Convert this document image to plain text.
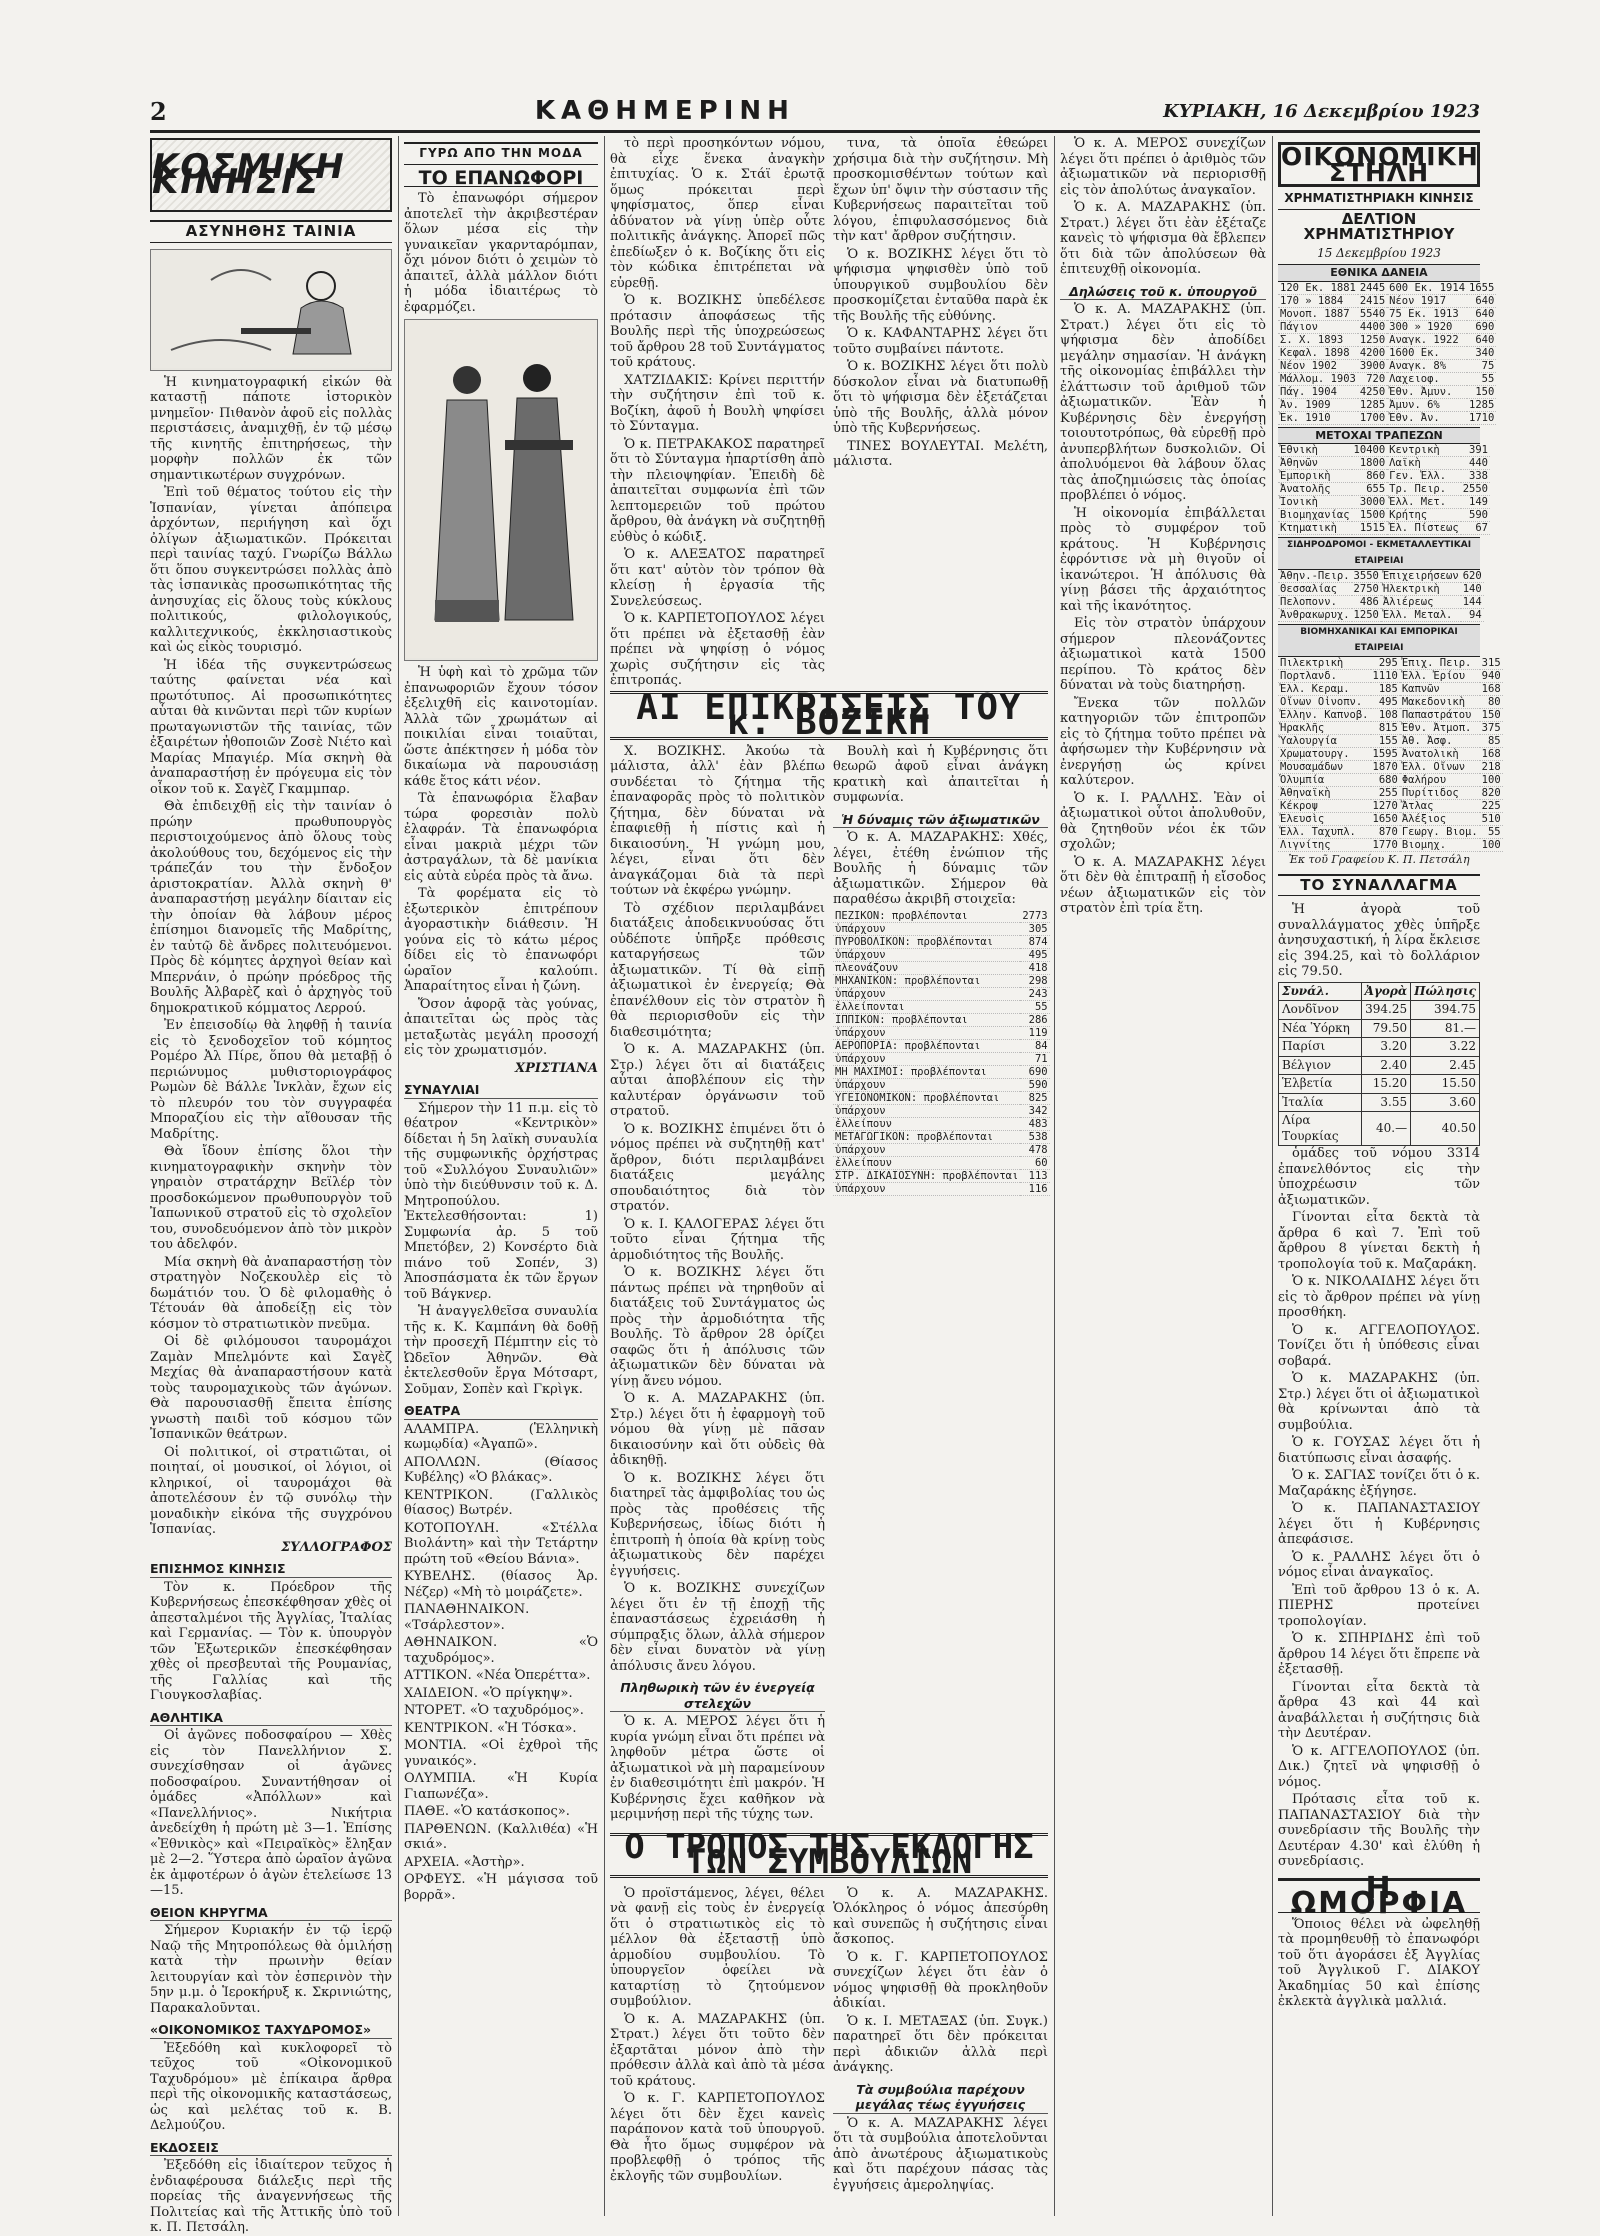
2	ΚΑΘΗΜΕΡΙΝΗ	ΚΥΡΙΑΚΗ, 16 Δεκεμβρίου 1923
ΚΟΣΜΙΚΗ ΚΙΝΗΣΙΣ
ΑΣΥΝΗΘΗΣ ΤΑΙΝΙΑ

Ἡ κινηματογραφική εἰκών θὰ καταστῇ πάποτε ἱστορικὸν μνημεῖον· Πιθανὸν ἀφοῦ εἰς πολλὰς περιστάσεις, ἀναμιχθῇ, ἐν τῷ μέσῳ τῆς κινητῆς ἐπιτηρήσεως, τὴν μορφὴν πολλῶν ἐκ τῶν σημαντικωτέρων συγχρόνων.

Ἐπὶ τοῦ θέματος τούτου εἰς τὴν Ἱσπανίαν, γίνεται ἀπόπειρα ἀρχόντων, περιήγηση καὶ ὅχι ὀλίγων ἀξιωματικῶν. Πρόκειται περὶ ταινίας ταχύ. Γνωρίζω Βάλλω ὅτι ὅπου συγκεντρώσει πολλὰς ἀπὸ τὰς ἱσπανικὰς προσωπικότητας τῆς ἀνησυχίας εἰς ὅλους τοὺς κύκλους πολιτικούς, φιλολογικούς, καλλιτεχνικούς, ἐκκλησιαστικοὺς καὶ ὡς εἰκὸς τουρισμό.

Ἡ ἰδέα τῆς συγκεντρώσεως ταύτης φαίνεται νέα καὶ πρωτότυπος. Αἱ προσωπικότητες αὗται θὰ κινῶνται περὶ τῶν κυρίων πρωταγωνιστῶν τῆς ταινίας, τῶν ἐξαιρέτων ἠθοποιῶν Ζοσὲ Νιέτο καὶ Μαρίας Μπαγιέρ. Μία σκηνὴ θὰ ἀναπαραστήσῃ ἐν πρόγευμα εἰς τὸν οἶκον τοῦ κ. Σαγὲζ Γκαμμπαρ.

Θὰ ἐπιδειχθῇ εἰς τὴν ταινίαν ὁ πρώην πρωθυπουργὸς περιστοιχούμενος ἀπὸ ὅλους τοὺς ἀκολούθους του, δεχόμενος εἰς τὴν τράπεζάν του τὴν ἔνδοξον ἀριστοκρατίαν. Ἀλλὰ σκηνὴ θ' ἀναπαραστήσῃ μεγάλην δίαιταν εἰς τὴν ὁποίαν θὰ λάβουν μέρος ἐπίσημοι διανομεῖς τῆς Μαδρίτης, ἐν ταὐτῷ δὲ ἄνδρες πολιτευόμενοι. Πρὸς δὲ κόμητες ἀρχηγοὶ θείαν καὶ Μπερνάιν, ὁ πρώην πρόεδρος τῆς Βουλῆς Ἀλβαρὲζ καὶ ὁ ἀρχηγὸς τοῦ δημοκρατικοῦ κόμματος Λερρού.

Ἐν ἐπεισοδίῳ θὰ ληφθῇ ἡ ταινία εἰς τὸ ξενοδοχεῖον τοῦ κόμητος Ρομέρο Ἀλ Πίρε, ὅπου θὰ μεταβῇ ὁ περιώνυμος μυθιστοριογράφος Ρωμὼν δὲ Βάλλε Ἰνκλὰν, ἔχων εἰς τὸ πλευρόν του τὸν συγγραφέα Μποραζίου εἰς τὴν αἴθουσαν τῆς Μαδρίτης.

Θὰ ἴδουν ἐπίσης ὅλοι τὴν κινηματογραφικὴν σκηνὴν τὸν γηραιὸν στρατάρχην Βεϊλέρ τὸν προσδοκώμενον πρωθυπουργὸν τοῦ Ἰαπωνικοῦ στρατοῦ εἰς τὸ σχολεῖον του, συνοδευόμενον ἀπὸ τὸν μικρὸν του ἀδελφόν.

Μία σκηνὴ θὰ ἀναπαραστήσῃ τὸν στρατηγὸν Νοζεκουλὲρ εἰς τὸ δωμάτιόν του. Ὁ δὲ φιλομαθὴς ὁ Τέτουάν θὰ ἀποδείξῃ εἰς τὸν κόσμον τὸ στρατιωτικὸν πνεῦμα.

Οἱ δὲ φιλόμουσοι ταυρομάχοι Ζαμὰν Μπελμόντε καὶ Σαγὲζ Μεχίας θὰ ἀναπαραστήσουν κατὰ τοὺς ταυρομαχικοὺς τῶν ἀγώνων. Θὰ παρουσιασθῇ ἔπειτα ἐπίσης γνωστὴ παιδὶ τοῦ κόσμου τῶν Ἰσπανικῶν θεάτρων.

Οἱ πολιτικοί, οἱ στρατιῶται, οἱ ποιηταί, οἱ μουσικοί, οἱ λόγιοι, οἱ κληρικοί, οἱ ταυρομάχοι θὰ ἀποτελέσουν ἐν τῷ συνόλῳ τὴν μοναδικὴν εἰκόνα τῆς συγχρόνου Ἱσπανίας.

ΣΥΛΛΟΓΡΑΦΟΣ
ΕΠΙΣΗΜΟΣ ΚΙΝΗΣΙΣ

Τὸν κ. Πρόεδρον τῆς Κυβερνήσεως ἐπεσκέφθησαν χθὲς οἱ ἀπεσταλμένοι τῆς Ἀγγλίας, Ἰταλίας καὶ Γερμανίας. — Τὸν κ. ὑπουργὸν τῶν Ἐξωτερικῶν ἐπεσκέφθησαν χθὲς οἱ πρεσβευταὶ τῆς Ρουμανίας, τῆς Γαλλίας καὶ τῆς Γιουγκοσλαβίας.

ΑΘΛΗΤΙΚΑ

Οἱ ἀγῶνες ποδοσφαίρου — Χθὲς εἰς τὸν Πανελλήνιον Σ. συνεχίσθησαν οἱ ἀγῶνες ποδοσφαίρου. Συναντήθησαν οἱ ὁμάδες «Ἀπόλλων» καὶ «Πανελλήνιος». Νικήτρια ἀνεδείχθη ἡ πρώτη μὲ 3—1. Ἐπίσης «Ἐθνικὸς» καὶ «Πειραϊκὸς» ἔληξαν μὲ 2—2. Ὕστερα ἀπὸ ὡραῖον ἀγῶνα ἐκ ἀμφοτέρων ὁ ἀγὼν ἐτελείωσε 13—15.

ΘΕΙΟΝ ΚΗΡΥΓΜΑ

Σήμερον Κυριακήν ἐν τῷ ἱερῷ Ναῷ τῆς Μητροπόλεως θὰ ὁμιλήσῃ κατὰ τὴν πρωινὴν θείαν λειτουργίαν καὶ τὸν ἑσπερινὸν τὴν 5ην μ.μ. ὁ Ἱεροκήρυξ κ. Σκρινιώτης, Παρακαλοῦνται.

«ΟΙΚΟΝΟΜΙΚΟΣ ΤΑΧΥΔΡΟΜΟΣ»

Ἐξεδόθη καὶ κυκλοφορεῖ τὸ τεῦχος τοῦ «Οἰκονομικοῦ Ταχυδρόμου» μὲ ἐπίκαιρα ἄρθρα περὶ τῆς οἰκονομικῆς καταστάσεως, ὡς καὶ μελέτας τοῦ κ. Β. Δελμούζου.

ΕΚΔΟΣΕΙΣ

Ἐξεδόθη εἰς ἰδιαίτερον τεῦχος ἡ ἐνδιαφέρουσα διάλεξις περὶ τῆς πορείας τῆς ἀναγεννήσεως τῆς Πολιτείας καὶ τῆς Ἀττικῆς ὑπὸ τοῦ κ. Π. Πετσάλη.

ΓΥΡΩ ΑΠΟ ΤΗΝ ΜΟΔΑ
ΤΟ ΕΠΑΝΩΦΟΡΙ

Τὸ ἐπανωφόρι σήμερον ἀποτελεῖ τὴν ἀκριβεστέραν ὅλων μέσα εἰς τὴν γυναικεῖαν γκαρνταρόμπαν, ὄχι μόνον διότι ὁ χειμὼν τὸ ἀπαιτεῖ, ἀλλὰ μάλλον διότι ἡ μόδα ἰδιαιτέρως τὸ ἐφαρμόζει.

Ἡ ὑφὴ καὶ τὸ χρῶμα τῶν ἐπανωφοριῶν ἔχουν τόσον ἐξελιχθῆ εἰς καινοτομίαν. Ἀλλὰ τῶν χρωμάτων αἱ ποικιλίαι εἶναι τοιαῦται, ὥστε ἀπέκτησεν ἡ μόδα τὸν δικαίωμα νὰ παρουσιάσῃ κάθε ἔτος κάτι νέον.

Τὰ ἐπανωφόρια ἔλαβαν τώρα φορεσιὰν πολὺ ἐλαφράν. Τὰ ἐπανωφόρια εἶναι μακριὰ μέχρι τῶν ἀστραγάλων, τὰ δὲ μανίκια εἰς αὐτὰ εὐρέα πρὸς τὰ ἄνω.

Τὰ φορέματα εἰς τὸ ἐξωτερικὸν ἐπιτρέπουν ἀγοραστικὴν διάθεσιν. Ἡ γούνα εἰς τὸ κάτω μέρος δίδει εἰς τὸ ἐπανωφόρι ὡραῖον καλούπι. Ἀπαραίτητος εἶναι ἡ ζώνη.

Ὅσον ἀφορᾷ τὰς γούνας, ἀπαιτεῖται ὡς πρὸς τὰς μεταξωτὰς μεγάλη προσοχή εἰς τὸν χρωματισμόν.

ΧΡΙΣΤΙΑΝΑ
ΣΥΝΑΥΛΙΑΙ

Σήμερον τὴν 11 π.μ. εἰς τὸ θέατρον «Κεντρικὸν» δίδεται ἡ 5η λαϊκὴ συναυλία τῆς συμφωνικῆς ὀρχήστρας τοῦ «Συλλόγου Συναυλιῶν» ὑπὸ τὴν διεύθυνσιν τοῦ κ. Δ. Μητροπούλου. Ἐκτελεσθήσονται: 1) Συμφωνία ἀρ. 5 τοῦ Μπετόβεν, 2) Κονσέρτο διὰ πιάνο τοῦ Σοπέν, 3) Ἀποσπάσματα ἐκ τῶν ἔργων τοῦ Βάγκνερ.

Ἡ ἀναγγελθεῖσα συναυλία τῆς κ. Κ. Καμπάνη θὰ δοθῇ τὴν προσεχῆ Πέμπτην εἰς τὸ Ὠδεῖον Ἀθηνῶν. Θὰ ἐκτελεσθοῦν ἔργα Μότσαρτ, Σοῦμαν, Σοπὲν καὶ Γκρὶγκ.

ΘΕΑΤΡΑ

ΑΛΑΜΠΡΑ. (Ἑλληνικὴ κωμῳδία) «Ἀγαπῶ».

ΑΠΟΛΛΩΝ. (Θίασος Κυβέλης) «Ὁ βλάκας».

ΚΕΝΤΡΙΚΟΝ. (Γαλλικὸς θίασος) Βωτρέν.

ΚΟΤΟΠΟΥΛΗ. «Στέλλα Βιολάντη» καὶ τὴν Τετάρτην πρώτη τοῦ «Θείου Βάνια».

ΚΥΒΕΛΗΣ. (θίασος Ἀρ. Νέζερ) «Μὴ τὸ μοιράζετε».

ΠΑΝΑΘΗΝΑΙΚΟΝ. «Τσάρλεστον».

ΑΘΗΝΑΙΚΟΝ. «Ὁ ταχυδρόμος».

ΑΤΤΙΚΟΝ. «Νέα Ὀπερέττα».

ΧΑΙΔΕΙΟΝ. «Ὁ πρίγκηψ».

ΝΤΟΡΕΤ. «Ὁ ταχυδρόμος».

ΚΕΝΤΡΙΚΟΝ. «Ἡ Τόσκα».

ΜΟΝΤΙΑ. «Οἱ ἐχθροὶ τῆς γυναικός».

ΟΛΥΜΠΙΑ. «Ἡ Κυρία Γιαπωνέζα».

ΠΑΘΕ. «Ὁ κατάσκοπος».

ΠΑΡΘΕΝΩΝ. (Καλλιθέα) «Ἡ σκιά».

ΑΡΧΕΙΑ. «Ἀστὴρ».

ΟΡΦΕΥΣ. «Ἡ μάγισσα τοῦ βορρᾶ».

τὸ περὶ προσηκόντων νόμου, θὰ εἶχε ἕνεκα ἀναγκὴν ἐπιτυχίας. Ὁ κ. Στάϊ ἐρωτᾷ ὅμως πρόκειται περὶ ψηφίσματος, ὅπερ εἶναι ἀδύνατον νὰ γίνῃ ὑπὲρ οὗτε πολιτικῆς ἀνάγκης. Ἀπορεῖ πῶς ἐπεδίωξεν ὁ κ. Βοζίκης ὅτι εἰς τὸν κώδικα ἐπιτρέπεται νὰ εὑρεθῇ.

Ὁ κ. ΒΟΖΙΚΗΣ ὑπεδέλεσε πρότασιν ἀποφάσεως τῆς Βουλῆς περὶ τῆς ὑποχρεώσεως τοῦ ἄρθρου 28 τοῦ Συντάγματος τοῦ κράτους.

ΧΑΤΖΙΔΑΚΙΣ: Κρίνει περιττήν τὴν συζήτησιν ἐπὶ τοῦ κ. Βοζίκη, ἀφοῦ ἡ Βουλὴ ψηφίσει τὸ Σύνταγμα.

Ὁ κ. ΠΕΤΡΑΚΑΚΟΣ παρατηρεῖ ὅτι τὸ Σύνταγμα ἠπαρτίσθη ἀπὸ τὴν πλειοψηφίαν. Ἐπειδὴ δὲ ἀπαιτεῖται συμφωνία ἐπὶ τῶν λεπτομερειῶν τοῦ πρώτου ἄρθρου, θὰ ἀνάγκη νὰ συζητηθῇ εὐθὺς ὁ κώδιξ.

Ὁ κ. ΑΛΕΞΑΤΟΣ παρατηρεῖ ὅτι κατ' αὐτὸν τὸν τρόπον θὰ κλείσῃ ἡ ἐργασία τῆς Συνελεύσεως.

Ὁ κ. ΚΑΡΠΕΤΟΠΟΥΛΟΣ λέγει ὅτι πρέπει νὰ ἐξετασθῇ ἐὰν πρέπει νὰ ψηφίσῃ ὁ νόμος χωρὶς συζήτησιν εἰς τὰς ἐπιτροπάς.

τινα, τὰ ὁποῖα ἐθεώρει χρήσιμα διὰ τὴν συζήτησιν. Μὴ προσκομισθέντων τούτων καὶ ἔχων ὑπ' ὄψιν τὴν σύστασιν τῆς Κυβερνήσεως παραιτεῖται τοῦ λόγου, ἐπιφυλασσόμενος διὰ τὴν κατ' ἄρθρον συζήτησιν.

Ὁ κ. ΒΟΖΙΚΗΣ λέγει ὅτι τὸ ψήφισμα ψηφισθὲν ὑπὸ τοῦ ὑπουργικοῦ συμβουλίου δὲν προσκομίζεται ἐνταῦθα παρὰ ἐκ τῆς Βουλῆς τῆς εὐθύνης.

Ὁ κ. ΚΑΦΑΝΤΑΡΗΣ λέγει ὅτι τοῦτο συμβαίνει πάντοτε.

Ὁ κ. ΒΟΖΙΚΗΣ λέγει ὅτι πολὺ δύσκολον εἶναι νὰ διατυπωθῇ ὅτι τὸ ψήφισμα δὲν ἐξετάζεται ὑπὸ τῆς Βουλῆς, ἀλλὰ μόνον ὑπὸ τῆς Κυβερνήσεως.

ΤΙΝΕΣ ΒΟΥΛΕΥΤΑΙ. Μελέτη, μάλιστα.

ΑΙ ΕΠΙΚΡΙΣΕΙΣ ΤΟΥ κ. ΒΟΖΙΚΗ

Χ. ΒΟΖΙΚΗΣ. Ἀκούω τὰ μάλιστα, ἀλλ' ἐὰν βλέπω συνδέεται τὸ ζήτημα τῆς ἐπαναφορᾶς πρὸς τὸ πολιτικὸν ζήτημα, δὲν δύναται νὰ ἐπαφιεθῇ ἡ πίστις καὶ ἡ δικαιοσύνη. Ἡ γνώμη μου, λέγει, εἶναι ὅτι δὲν ἀναγκάζομαι διὰ τὰ περὶ τούτων νὰ ἐκφέρω γνώμην.

Τὸ σχέδιον περιλαμβάνει διατάξεις ἀποδεικνυούσας ὅτι οὐδέποτε ὑπῆρξε πρόθεσις καταργήσεως τῶν ἀξιωματικῶν. Τί θὰ εἰπῇ ἀξιωματικοὶ ἐν ἐνεργείᾳ; Θὰ ἐπανέλθουν εἰς τὸν στρατὸν ἢ θὰ περιορισθοῦν εἰς τὴν διαθεσιμότητα;

Ὁ κ. Α. ΜΑΖΑΡΑΚΗΣ (ὑπ. Στρ.) λέγει ὅτι αἱ διατάξεις αὗται ἀποβλέπουν εἰς τὴν καλυτέραν ὀργάνωσιν τοῦ στρατοῦ.

Ὁ κ. ΒΟΖΙΚΗΣ ἐπιμένει ὅτι ὁ νόμος πρέπει νὰ συζητηθῇ κατ' ἄρθρον, διότι περιλαμβάνει διατάξεις μεγάλης σπουδαιότητος διὰ τὸν στρατόν.

Ὁ κ. Ι. ΚΑΛΟΓΕΡΑΣ λέγει ὅτι τοῦτο εἶναι ζήτημα τῆς ἀρμοδιότητος τῆς Βουλῆς.

Ὁ κ. ΒΟΖΙΚΗΣ λέγει ὅτι πάντως πρέπει νὰ τηρηθοῦν αἱ διατάξεις τοῦ Συντάγματος ὡς πρὸς τὴν ἀρμοδιότητα τῆς Βουλῆς. Τὸ ἄρθρον 28 ὁρίζει σαφῶς ὅτι ἡ ἀπόλυσις τῶν ἀξιωματικῶν δὲν δύναται νὰ γίνῃ ἄνευ νόμου.

Ὁ κ. Α. ΜΑΖΑΡΑΚΗΣ (ὑπ. Στρ.) λέγει ὅτι ἡ ἐφαρμογὴ τοῦ νόμου θὰ γίνῃ μὲ πᾶσαν δικαιοσύνην καὶ ὅτι οὐδεὶς θὰ ἀδικηθῇ.

Ὁ κ. ΒΟΖΙΚΗΣ λέγει ὅτι διατηρεῖ τὰς ἀμφιβολίας του ὡς πρὸς τὰς προθέσεις τῆς Κυβερνήσεως, ἰδίως διότι ἡ ἐπιτροπὴ ἡ ὁποία θὰ κρίνῃ τοὺς ἀξιωματικοὺς δὲν παρέχει ἐγγυήσεις.

Ὁ κ. ΒΟΖΙΚΗΣ συνεχίζων λέγει ὅτι ἐν τῇ ἐποχῇ τῆς ἐπαναστάσεως ἐχρειάσθη ἡ σύμπραξις ὅλων, ἀλλὰ σήμερον δὲν εἶναι δυνατὸν νὰ γίνῃ ἀπόλυσις ἄνευ λόγου.

Πληθωρικὴ τῶν ἐν ἐνεργείᾳ στελεχῶν

Ὁ κ. Α. ΜΕΡΟΣ λέγει ὅτι ἡ κυρία γνώμη εἶναι ὅτι πρέπει νὰ ληφθοῦν μέτρα ὥστε οἱ ἀξιωματικοὶ νὰ μὴ παραμείνουν ἐν διαθεσιμότητι ἐπὶ μακρόν. Ἡ Κυβέρνησις ἔχει καθῆκον νὰ μεριμνήσῃ περὶ τῆς τύχης των.

Βουλὴ καὶ ἡ Κυβέρνησις ὅτι θεωρῶ ἀφοῦ εἶναι ἀνάγκη κρατικὴ καὶ ἀπαιτεῖται ἡ συμφωνία.

Ἡ δύναμις τῶν ἀξιωματικῶν

Ὁ κ. Α. ΜΑΖΑΡΑΚΗΣ: Χθές, λέγει, ἐτέθη ἐνώπιον τῆς Βουλῆς ἡ δύναμις τῶν ἀξιωματικῶν. Σήμερον θὰ παραθέσω ἀκριβῆ στοιχεῖα:

ΠΕΖΙΚΟΝ: προβλέπονται	2773
ὑπάρχουν	305
ΠΥΡΟΒΟΛΙΚΟΝ: προβλέπονται	874
ὑπάρχουν	495
πλεονάζουν	418
ΜΗΧΑΝΙΚΟΝ: προβλέπονται	298
ὑπάρχουν	243
ἐλλείπονται	55
ΙΠΠΙΚΟΝ: προβλέπονται	286
ὑπάρχουν	119
ΑΕΡΟΠΟΡΙΑ: προβλέπονται	84
ὑπάρχουν	71
ΜΗ ΜΑΧΙΜΟΙ: προβλέπονται	690
ὑπάρχουν	590
ΥΓΕΙΟΝΟΜΙΚΟΝ: προβλέπονται	825
ὑπάρχουν	342
ἐλλείπουν	483
ΜΕΤΑΓΩΓΙΚΟΝ: προβλέπονται	538
ὑπάρχουν	478
ἐλλείπουν	60
ΣΤΡ. ΔΙΚΑΙΟΣΥΝΗ: προβλέπονται	113
ὑπάρχουν	116
Ο ΤΡΟΠΟΣ ΤΗΣ ΕΚΛΟΓΗΣ ΤΩΝ ΣΥΜΒΟΥΛΙΩΝ

Ὁ προϊστάμενος, λέγει, θέλει νὰ φανῇ εἰς τοὺς ἐν ἐνεργείᾳ ὅτι ὁ στρατιωτικὸς εἰς τὸ μέλλον θὰ ἐξεταστῇ ὑπὸ ἁρμοδίου συμβουλίου. Τὸ ὑπουργεῖον ὀφείλει νὰ καταρτίσῃ τὸ ζητούμενον συμβούλιον.

Ὁ κ. Α. ΜΑΖΑΡΑΚΗΣ (ὑπ. Στρατ.) λέγει ὅτι τοῦτο δὲν ἐξαρτᾶται μόνον ἀπὸ τὴν πρόθεσιν ἀλλὰ καὶ ἀπὸ τὰ μέσα τοῦ κράτους.

Ὁ κ. Γ. ΚΑΡΠΕΤΟΠΟΥΛΟΣ λέγει ὅτι δὲν ἔχει κανεὶς παράπονον κατὰ τοῦ ὑπουργοῦ. Θὰ ἦτο ὅμως συμφέρον νὰ προβλεφθῇ ὁ τρόπος τῆς ἐκλογῆς τῶν συμβουλίων.

Ὁ κ. Α. ΜΑΖΑΡΑΚΗΣ. Ὁλόκληρος ὁ νόμος ἀπεσύρθη καὶ συνεπῶς ἡ συζήτησις εἶναι ἄσκοπος.

Ὁ κ. Γ. ΚΑΡΠΕΤΟΠΟΥΛΟΣ συνεχίζων λέγει ὅτι ἐὰν ὁ νόμος ψηφισθῇ θὰ προκληθοῦν ἀδικίαι.

Ὁ κ. Ι. ΜΕΤΑΞΑΣ (ὑπ. Συγκ.) παρατηρεῖ ὅτι δὲν πρόκειται περὶ ἀδικιῶν ἀλλὰ περὶ ἀνάγκης.

Τὰ συμβούλια παρέχουν μεγάλας τέως ἐγγυήσεις

Ὁ κ. Α. ΜΑΖΑΡΑΚΗΣ λέγει ὅτι τὰ συμβούλια ἀποτελοῦνται ἀπὸ ἀνωτέρους ἀξιωματικοὺς καὶ ὅτι παρέχουν πάσας τὰς ἐγγυήσεις ἀμεροληψίας.

Ὁ κ. Α. ΜΕΡΟΣ συνεχίζων λέγει ὅτι πρέπει ὁ ἀριθμὸς τῶν ἀξιωματικῶν νὰ περιορισθῇ εἰς τὸν ἀπολύτως ἀναγκαῖον.

Ὁ κ. Α. ΜΑΖΑΡΑΚΗΣ (ὑπ. Στρατ.) λέγει ὅτι ἐὰν ἐξέταζε κανεὶς τὸ ψήφισμα θὰ ἔβλεπεν ὅτι διὰ τῶν ἀπολύσεων θὰ ἐπιτευχθῇ οἰκονομία.

Δηλώσεις τοῦ κ. ὑπουργοῦ

Ὁ κ. Α. ΜΑΖΑΡΑΚΗΣ (ὑπ. Στρατ.) λέγει ὅτι εἰς τὸ ψήφισμα δὲν ἀποδίδει μεγάλην σημασίαν. Ἡ ἀνάγκη τῆς οἰκονομίας ἐπιβάλλει τὴν ἐλάττωσιν τοῦ ἀριθμοῦ τῶν ἀξιωματικῶν. Ἐὰν ἡ Κυβέρνησις δὲν ἐνεργήσῃ τοιουτοτρόπως, θὰ εὑρεθῇ πρὸ ἀνυπερβλήτων δυσκολιῶν. Οἱ ἀπολυόμενοι θὰ λάβουν ὅλας τὰς ἀποζημιώσεις τὰς ὁποίας προβλέπει ὁ νόμος.

Ἡ οἰκονομία ἐπιβάλλεται πρὸς τὸ συμφέρον τοῦ κράτους. Ἡ Κυβέρνησις ἐφρόντισε νὰ μὴ θιγοῦν οἱ ἱκανώτεροι. Ἡ ἀπόλυσις θὰ γίνῃ βάσει τῆς ἀρχαιότητος καὶ τῆς ἱκανότητος.

Εἰς τὸν στρατὸν ὑπάρχουν σήμερον πλεονάζοντες ἀξιωματικοὶ κατὰ 1500 περίπου. Τὸ κράτος δὲν δύναται νὰ τοὺς διατηρήσῃ.

Ἔνεκα τῶν πολλῶν κατηγοριῶν τῶν ἐπιτροπῶν εἰς τὸ ζήτημα τοῦτο πρέπει νὰ ἀφήσωμεν τὴν Κυβέρνησιν νὰ ἐνεργήσῃ ὡς κρίνει καλύτερον.

Ὁ κ. Ι. ΡΑΛΛΗΣ. Ἐὰν οἱ ἀξιωματικοὶ οὗτοι ἀπολυθοῦν, θὰ ζητηθοῦν νέοι ἐκ τῶν σχολῶν;

Ὁ κ. Α. ΜΑΖΑΡΑΚΗΣ λέγει ὅτι δὲν θὰ ἐπιτραπῇ ἡ εἴσοδος νέων ἀξιωματικῶν εἰς τὸν στρατὸν ἐπὶ τρία ἔτη.

ΟΙΚΟΝΟΜΙΚΗ ΣΤΗΛΗ
ΧΡΗΜΑΤΙΣΤΗΡΙΑΚΗ ΚΙΝΗΣΙΣ
ΔΕΛΤΙΟΝ ΧΡΗΜΑΤΙΣΤΗΡΙΟΥ
15 Δεκεμβρίου 1923
ΕΘΝΙΚΑ ΔΑΝΕΙΑ
120 Εκ. 1881	2445	600 Εκ. 1914	1655
170 » 1884	2415	Νέον 1917	640
Μονοπ. 1887	5540	75 Εκ. 1913	640
Πάγιον	4400	300 » 1920	690
Σ. Χ. 1893	1250	Αναγκ. 1922	640
Κεφαλ. 1898	4200	1600 Εκ.	340
Νέον 1902	3900	Αναγκ. 8%	75
Μάλλομ. 1903	720	Λαχειοφ.	55
Πάγ. 1904	4250	Ἐθν. Ἀμυν.	150
Ἀν. 1909	1285	Ἀμυν. 6%	1285
Ἐκ. 1910	1700	Ἐθν. Ἀν.	1710
ΜΕΤΟΧΑΙ ΤΡΑΠΕΖΩΝ
Ἐθνικὴ	10400	Κεντρικὴ	391
Ἀθηνῶν	1800	Λαϊκὴ	440
Ἐμπορικὴ	860	Γεν. Ἑλλ.	338
Ἀνατολῆς	655	Τρ. Πειρ.	2550
Ἰονικὴ	3000	Ἑλλ. Μετ.	149
Βιομηχανίας	1500	Κρήτης	590
Κτηματικὴ	1515	Ἐλ. Πίστεως	67
ΣΙΔΗΡΟΔΡΟΜΟΙ - ΕΚΜΕΤΑΛΛΕΥΤΙΚΑΙ ΕΤΑΙΡΕΙΑΙ
Ἀθην.-Πειρ.	3550	Ἐπιχειρήσεων	620
Θεσσαλίας	2750	Ἠλεκτρικὴ	140
Πελοπονν.	486	Ἀλιέρεως	144
Ἀνθρακωρυχ.	1250	Ἑλλ. Μεταλ.	94
ΒΙΟΜΗΧΑΝΙΚΑΙ ΚΑΙ ΕΜΠΟΡΙΚΑΙ ΕΤΑΙΡΕΙΑΙ
Πιλεκτρικὴ	295	Ἐπιχ. Πειρ.	315
Πορτλανδ.	1110	Ἑλλ. Ἐρίου	940
Ἐλλ. Κεραμ.	185	Καπνῶν	168
Οἴνων Οἰνοπν.	495	Μακεδονικὴ	80
Ἐλλην. Καπνοβ.	108	Παπαστράτου	150
Ἡρακλῆς	815	Ἐθν. Ἀτμοπ.	375
Ὑαλουργία	155	Ἀθ. Ἀσφ.	85
Χρωματουργ.	1595	Ἀνατολικὴ	168
Μουσαμάδων	1870	Ἑλλ. Οἴνων	218
Ὁλυμπία	680	Φαλήρου	100
Ἀθηναϊκὴ	255	Πυρίτιδος	820
Κέκροψ	1270	Ἄτλας	225
Ἐλευσὶς	1650	Ἀλέξιος	510
Ἑλλ. Ταχυπλ.	870	Γεωργ. Βιομ.	55
Λιγνίτης	1770	Βιομηχ.	100
Ἐκ τοῦ Γραφείου Κ. Π. Πετσάλη
ΤΟ ΣΥΝΑΛΛΑΓΜΑ

Ἡ ἀγορὰ τοῦ συναλλάγματος χθὲς ὑπῆρξε ἀνησυχαστική, ἡ λίρα ἔκλεισε εἰς 394.25, καὶ τὸ δολλάριον εἰς 79.50.

Συνάλ.	Ἀγορὰ	Πώλησις
Λονδῖνον	394.25	394.75
Νέα Ὑόρκη	79.50	81.—
Παρίσι	3.20	3.22
Βέλγιον	2.40	2.45
Ἑλβετία	15.20	15.50
Ἰταλία	3.55	3.60
Λίρα Τουρκίας	40.—	40.50

ὁμάδες τοῦ νόμου 3314 ἐπανελθόντος εἰς τὴν ὑποχρέωσιν τῶν ἀξιωματικῶν.

Γίνονται εἶτα δεκτὰ τὰ ἄρθρα 6 καὶ 7. Ἐπὶ τοῦ ἄρθρου 8 γίνεται δεκτὴ ἡ τροπολογία τοῦ κ. Μαζαράκη.

Ὁ κ. ΝΙΚΟΛΑΙΔΗΣ λέγει ὅτι εἰς τὸ ἄρθρον πρέπει νὰ γίνῃ προσθήκη.

Ὁ κ. ΑΓΓΕΛΟΠΟΥΛΟΣ. Τονίζει ὅτι ἡ ὑπόθεσις εἶναι σοβαρά.

Ὁ κ. ΜΑΖΑΡΑΚΗΣ (ὑπ. Στρ.) λέγει ὅτι οἱ ἀξιωματικοὶ θὰ κρίνωνται ἀπὸ τὰ συμβούλια.

Ὁ κ. ΓΟΥΣΑΣ λέγει ὅτι ἡ διατύπωσις εἶναι ἀσαφής.

Ὁ κ. ΣΑΓΙΑΣ τονίζει ὅτι ὁ κ. Μαζαράκης ἐξήγησε.

Ὁ κ. ΠΑΠΑΝΑΣΤΑΣΙΟΥ λέγει ὅτι ἡ Κυβέρνησις ἀπεφάσισε.

Ὁ κ. ΡΑΛΛΗΣ λέγει ὅτι ὁ νόμος εἶναι ἀναγκαῖος.

Ἐπὶ τοῦ ἄρθρου 13 ὁ κ. Α. ΠΙΕΡΗΣ προτείνει τροπολογίαν.

Ὁ κ. ΣΠΗΡΙΔΗΣ ἐπὶ τοῦ ἄρθρου 14 λέγει ὅτι ἔπρεπε νὰ ἐξετασθῇ.

Γίνονται εἶτα δεκτὰ τὰ ἄρθρα 43 καὶ 44 καὶ ἀναβάλλεται ἡ συζήτησις διὰ τὴν Δευτέραν.

Ὁ κ. ΑΓΓΕΛΟΠΟΥΛΟΣ (ὑπ. Δικ.) ζητεῖ νὰ ψηφισθῇ ὁ νόμος.

Πρότασις εἶτα τοῦ κ. ΠΑΠΑΝΑΣΤΑΣΙΟΥ διὰ τὴν συνεδρίασιν τῆς Βουλῆς τὴν Δευτέραν 4.30' καὶ ἐλύθη ἡ συνεδρίασις.

Η ΩΜΟΡΦΙΑ

Ὅποιος θέλει νὰ ὠφεληθῇ τὰ προμηθευθῇ τὸ ἐπανωφόρι τοῦ ὅτι ἀγοράσει ἐξ Ἀγγλίας τοῦ Ἀγγλικοῦ Γ. ΔΙΑΚΟΥ Ἀκαδημίας 50 καὶ ἐπίσης ἐκλεκτὰ ἀγγλικὰ μαλλιά.
